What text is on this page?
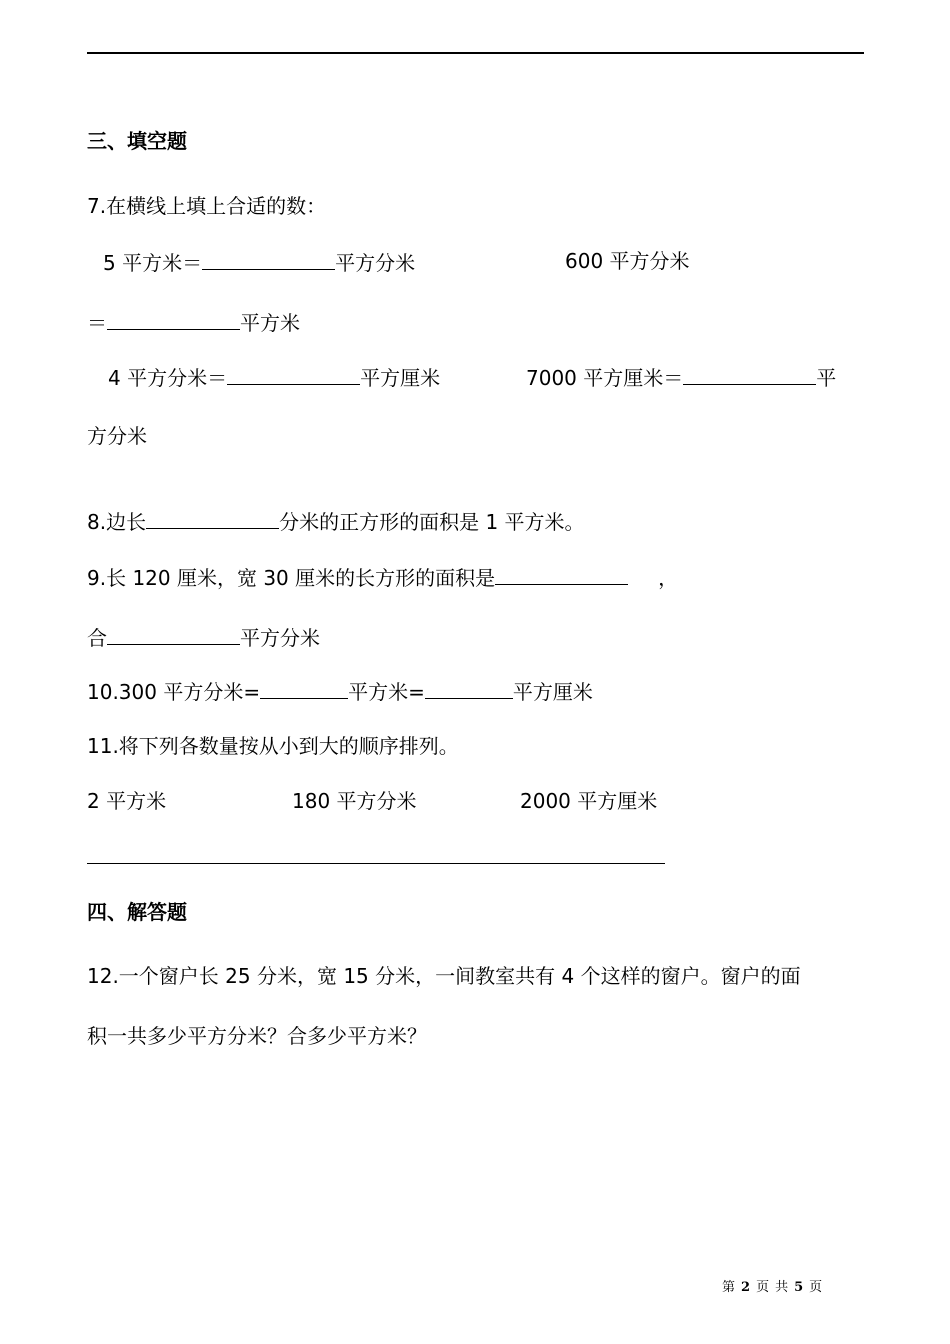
三、填空题
7.在横线上填上合适的数：
5 平方米＝	平方分米	600 平方分米
＝	平方米
4 平方分米＝	平方厘米	7000 平方厘米＝	平
方分米
8.边长	分米的正方形的面积是 1 平方米。
9.长 120 厘米，宽 30 厘米的长方形的面积是	，
合	平方分米
10.300 平方分米=	平方米=	平方厘米
11.将下列各数量按从小到大的顺序排列。
2 平方米	180 平方分米	2000 平方厘米
四、解答题
12.一个窗户长 25 分米，宽 15 分米，一间教室共有 4 个这样的窗户。窗户的面
积一共多少平方分米？合多少平方米？
第 2 页 共 5 页
